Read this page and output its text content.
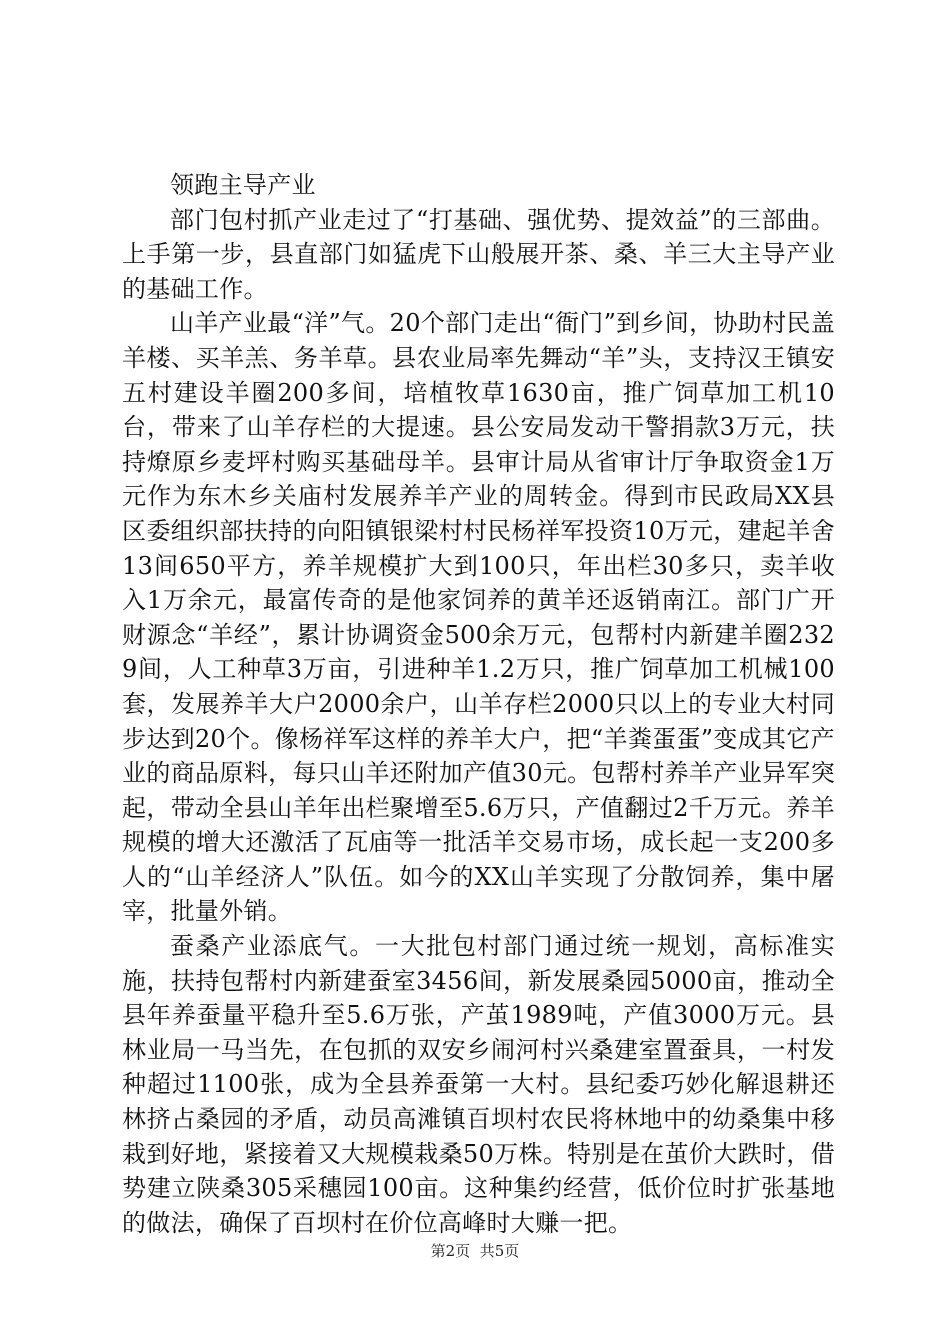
领跑主导产业

部门包村抓产业走过了“打基础、强优势、提效益”的三部曲。上手第一步，县直部门如猛虎下山般展开茶、桑、羊三大主导产业的基础工作。

山羊产业最“洋”气。20个部门走出“衙门”到乡间，协助村民盖羊楼、买羊羔、务羊草。县农业局率先舞动“羊”头，支持汉王镇安五村建设羊圈200多间，培植牧草1630亩，推广饲草加工机10台，带来了山羊存栏的大提速。县公安局发动干警捐款3万元，扶持燎原乡麦坪村购买基础母羊。县审计局从省审计厅争取资金1万元作为东木乡关庙村发展养羊产业的周转金。得到市民政局XX县区委组织部扶持的向阳镇银梁村村民杨祥军投资10万元，建起羊舍13间650平方，养羊规模扩大到100只，年出栏30多只，卖羊收入1万余元，最富传奇的是他家饲养的黄羊还返销南江。部门广开财源念“羊经”，累计协调资金500余万元，包帮村内新建羊圈2329间，人工种草3万亩，引进种羊1.2万只，推广饲草加工机械100套，发展养羊大户2000余户，山羊存栏2000只以上的专业大村同步达到20个。像杨祥军这样的养羊大户，把“羊粪蛋蛋”变成其它产业的商品原料，每只山羊还附加产值30元。包帮村养羊产业异军突起，带动全县山羊年出栏聚增至5.6万只，产值翻过2千万元。养羊规模的增大还激活了瓦庙等一批活羊交易市场，成长起一支200多人的“山羊经济人”队伍。如今的XX山羊实现了分散饲养，集中屠宰，批量外销。

蚕桑产业添底气。一大批包村部门通过统一规划，高标准实施，扶持包帮村内新建蚕室3456间，新发展桑园5000亩，推动全县年养蚕量平稳升至5.6万张，产茧1989吨，产值3000万元。县林业局一马当先，在包抓的双安乡闹河村兴桑建室置蚕具，一村发种超过1100张，成为全县养蚕第一大村。县纪委巧妙化解退耕还林挤占桑园的矛盾，动员高滩镇百坝村农民将林地中的幼桑集中移栽到好地，紧接着又大规模栽桑50万株。特别是在茧价大跌时，借势建立陕桑305采穗园100亩。这种集约经营，低价位时扩张基地的做法，确保了百坝村在价位高峰时大赚一把。

第2页 共5页
